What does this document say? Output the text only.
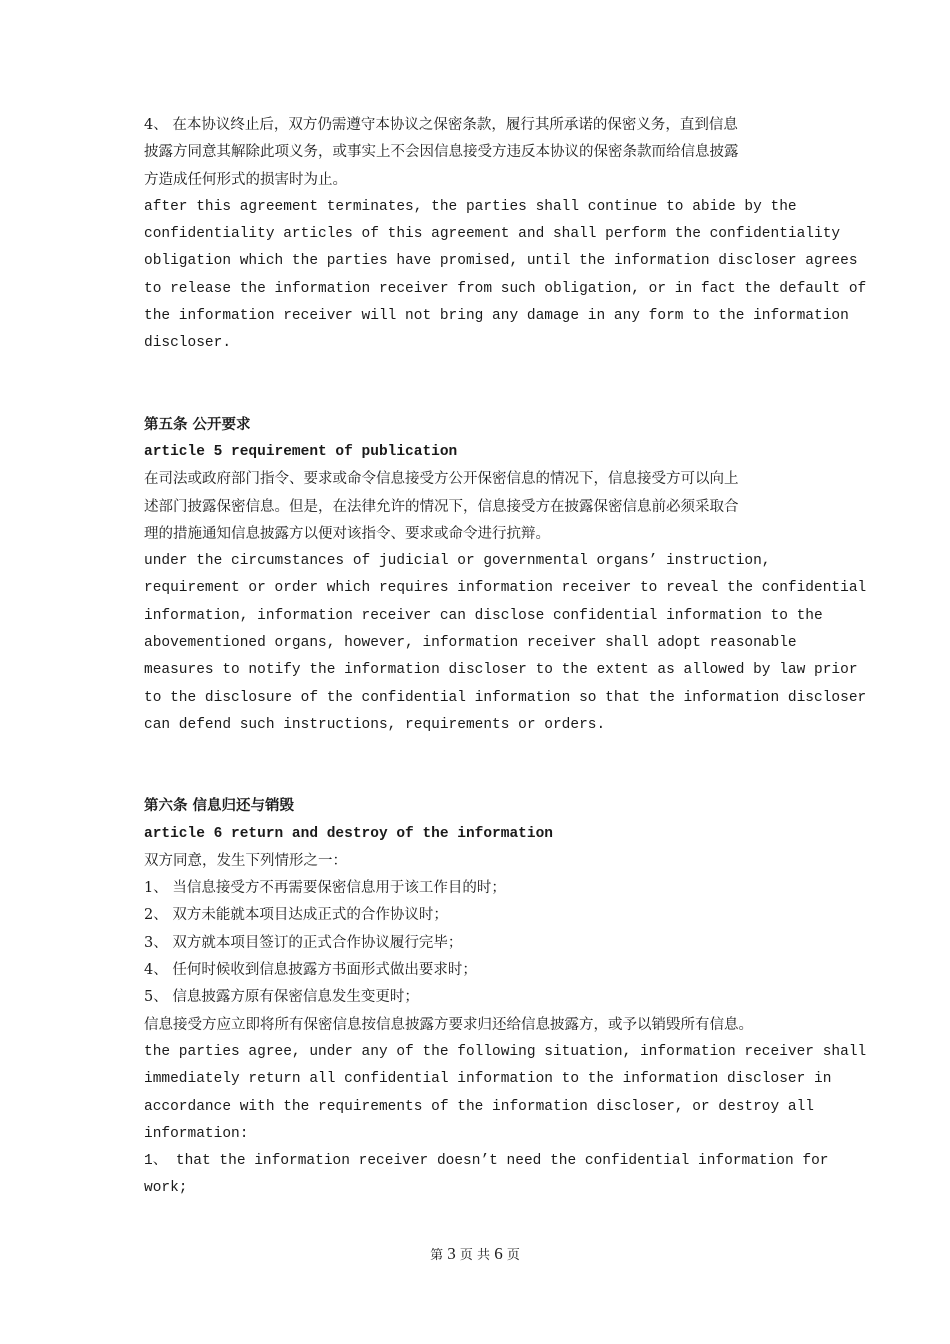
4、 在本协议终止后，双方仍需遵守本协议之保密条款，履行其所承诺的保密义务，直到信息
披露方同意其解除此项义务，或事实上不会因信息接受方违反本协议的保密条款而给信息披露
方造成任何形式的损害时为止。
after this agreement terminates, the parties shall continue to abide by the
confidentiality articles of this agreement and shall perform the confidentiality
obligation which the parties have promised, until the information discloser agrees
to release the information receiver from such obligation, or in fact the default of
the information receiver will not bring any damage in any form to the information
discloser.
第五条 公开要求
article 5 requirement of publication
在司法或政府部门指令、要求或命令信息接受方公开保密信息的情况下，信息接受方可以向上
述部门披露保密信息。但是，在法律允许的情况下，信息接受方在披露保密信息前必须采取合
理的措施通知信息披露方以便对该指令、要求或命令进行抗辩。
under the circumstances of judicial or governmental organs’ instruction,
requirement or order which requires information receiver to reveal the confidential
information, information receiver can disclose confidential information to the
abovementioned organs, however, information receiver shall adopt reasonable
measures to notify the information discloser to the extent as allowed by law prior
to the disclosure of the confidential information so that the information discloser
can defend such instructions, requirements or orders.
第六条 信息归还与销毁
article 6 return and destroy of the information
双方同意，发生下列情形之一：
1、 当信息接受方不再需要保密信息用于该工作目的时；
2、 双方未能就本项目达成正式的合作协议时；
3、 双方就本项目签订的正式合作协议履行完毕；
4、 任何时候收到信息披露方书面形式做出要求时；
5、 信息披露方原有保密信息发生变更时；
信息接受方应立即将所有保密信息按信息披露方要求归还给信息披露方，或予以销毁所有信息。
the parties agree, under any of the following situation, information receiver shall
immediately return all confidential information to the information discloser in
accordance with the requirements of the information discloser, or destroy all
information:
1、 that the information receiver doesn’t need the confidential information for
work;
第 3 页 共 6 页
